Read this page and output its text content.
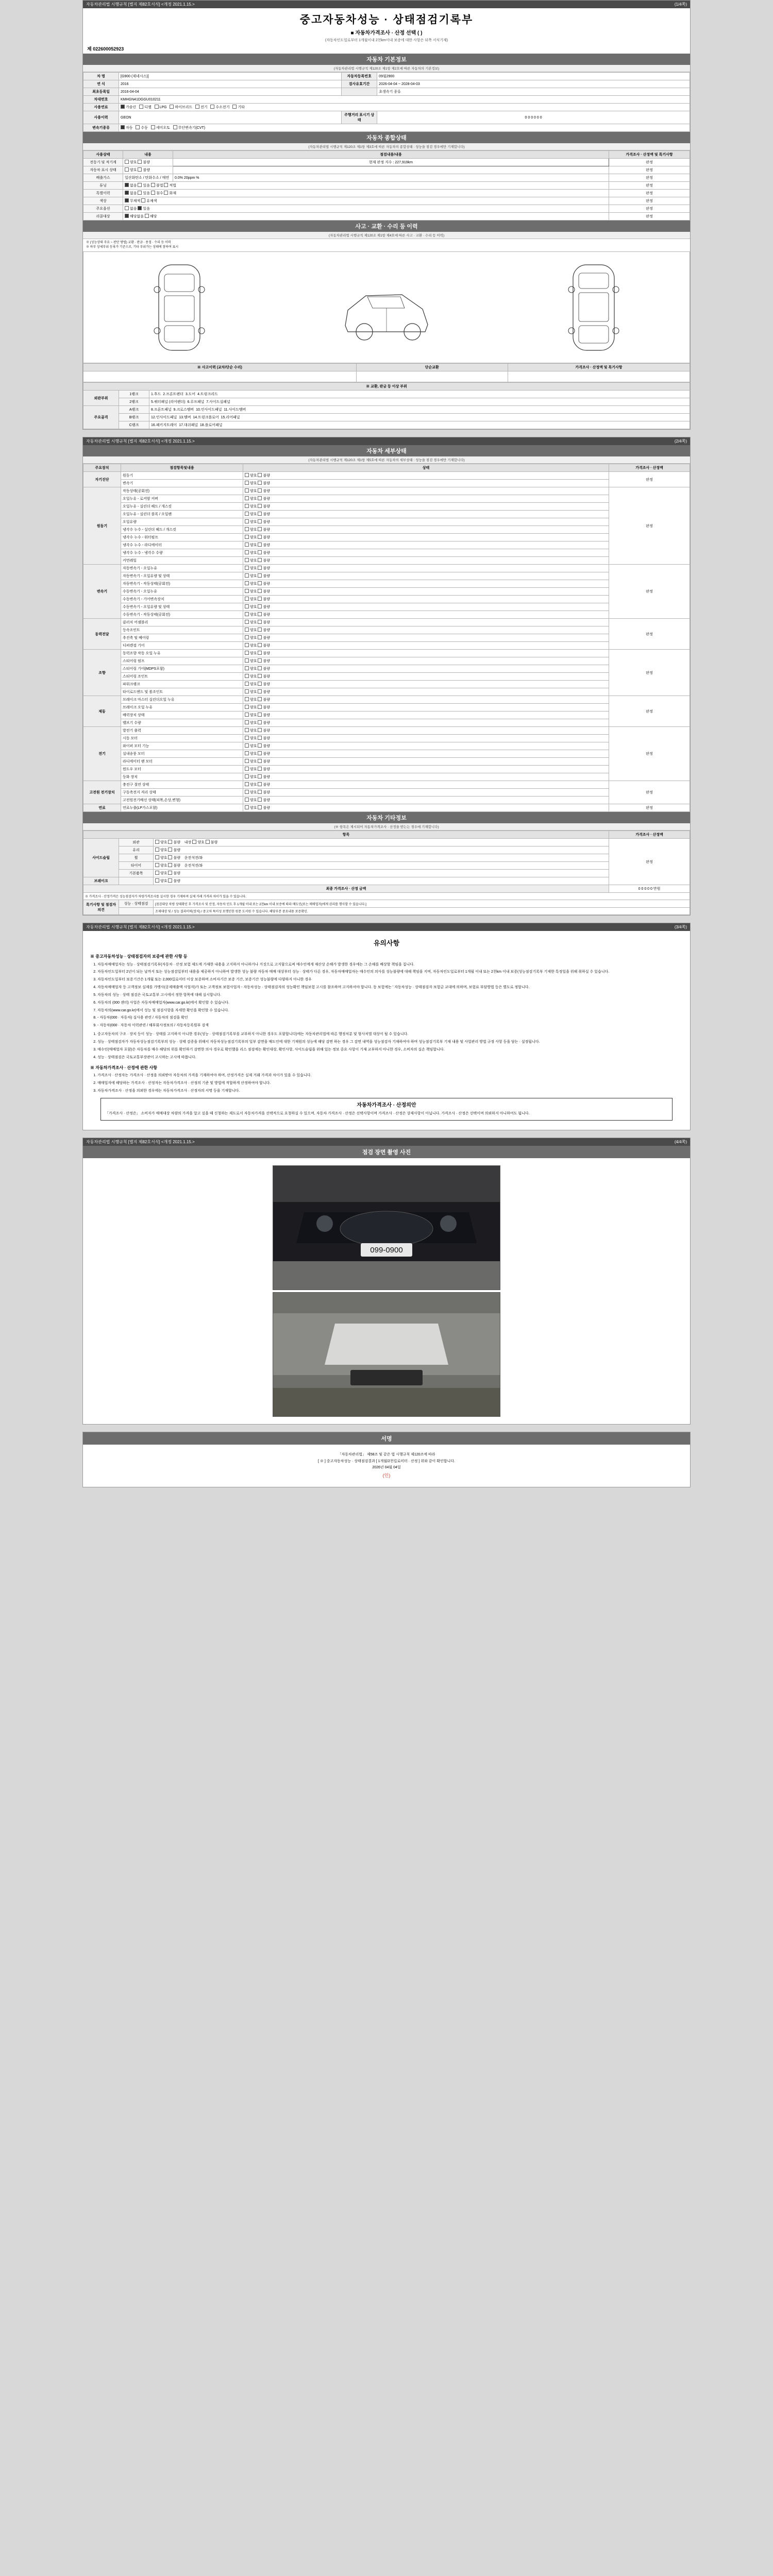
자동차관리법 시행규칙 [별지 제82호서식] <개정 2021.1.15.>	(1/4쪽)
중고자동차성능 · 상태점검기록부
■ 자동차가격조사 · 산정 선택 ( )
(자동차인도일로부터 1개월이내 2천km이내 보증에 대한 사항은 뒤쪽 서식기재)
제 022600052923
자동차 기본정보
(자동차관리법 시행규칙 제120조 제1항 제2호에 따른 자동차의 기본정보)
차 명	[G900 (제네시스)]	자동차등록번호	09월2900
연 식	2016	검사유효기간	2026-04-04 ~ 2028-04-03
최초등록일	2016-04-04		초생속기 종류
차대번호	KMHGN41DGGU010211		
사용연료	가솔린 디젤 LPG 하이브리드 전기 수소전기 기타		
사용이력	GEON	주행거리 표시기 상태	0 0 0 0 0 0
변속기종류	자동 수동 세미오토 무단변속기(CVT)		
자동차 종합상태
(자동차관리법 시행규칙 제120조 제1항 제3호에 따른 자동차의 종합상태 : 성능을 점검 경우에만 기재합니다)
사용상태	내용	점검내용/내용	가격조사 · 산정액 및 특기사항
전동기 및 적기계	양호 불량	현재 판정 지수 : 227,919km	판정
자동차 표시 상태	양호 불량		판정
배출가스	일산화탄소 / 탄화수소 / 매연	0.0% 20ppm %	판정
튜닝	없음 있음 불법 적법		판정
특별이력	없음 있음 침수 화재		판정
색상	무채색 유채색		판정
주요옵션	없음 있음		판정
리콜대상	해당없음 해당		판정
사고 · 교환 · 수리 등 이력
(자동차관리법 시행규칙 제120조 제1항 제4호에 따른 사고 · 교환 · 수리 등 이력)
※ (성능상태 주요 ~ 판단 방법) 교환 · 판금 · 용접 · 수리 등 이력
※ 하부 상세부위 등록가 기준으로, 기타 부위가는 상태에 참하여 표시
※ 사고이력 (교차/단순 수리)	단순교환	가격조사 · 산정액 및 특기사항

※ 교환, 판금 등 이상 부위		
외판부위	1랭크	1.후드 2.프론트펜더 3.도어 4.트렁크리드
	2랭크	5.쿼터패널 (리어펜더) 6.루프패널 7.사이드실패널
주요골격	A랭크	8.프론트패널 9.크로스멤버 10.인사이드패널 11.사이드멤버
	B랭크	12.인사이드패널 13.멤버 14.트렁크플로어 15.리어패널
	C랭크	16.패키지트레이 17.대쉬패널 18.플로어패널
자동차관리법 시행규칙 [별지 제82호서식] <개정 2021.1.15.>	(2/4쪽)
자동차 세부상태
(자동차관리법 시행규칙 제120조 제1항 제5호에 따른 자동차의 세부상태 : 성능을 점검 경우에만 기재합니다)
주요장치	점검항목및내용	상태	가격조사 · 산정액
자기진단	원동기	양호 불량	판정
	변속기	양호 불량	
원동기	작동상태(공회전)	양호 불량	판정
	오일누유 - 로커암 커버	양호 불량	
	오일누유 - 실린더 헤드 / 개스킷	양호 불량	
	오일누유 - 실린더 블록 / 오일팬	양호 불량	
	오일유량	양호 불량	
	냉각수 누수 - 실린더 헤드 / 개스킷	양호 불량	
	냉각수 누수 - 워터펌프	양호 불량	
	냉각수 누수 - 라디에이터	양호 불량	
	냉각수 누수 - 냉각수 수량	양호 불량	
	커먼레일	양호 불량	
변속기	자동변속기 - 오일누유	양호 불량	판정
	자동변속기 - 오일유량 및 상태	양호 불량	
	자동변속기 - 작동상태(공회전)	양호 불량	
	수동변속기 - 오일누유	양호 불량	
	수동변속기 - 기어변속장치	양호 불량	
	수동변속기 - 오일유량 및 상태	양호 불량	
	수동변속기 - 작동상태(공회전)	양호 불량	
동력전달	클러치 어셈블리	양호 불량	판정
	등속조인트	양호 불량	
	추진축 및 베어링	양호 불량	
	디퍼렌셜 기어	양호 불량	
조향	동력조향 작동 오일 누유	양호 불량	판정
	스티어링 펌프	양호 불량	
	스티어링 기어(MDPS포함)	양호 불량	
	스티어링 조인트	양호 불량	
	파워크랭크	양호 불량	
	타이로드엔드 및 볼조인트	양호 불량	
제동	브레이크 마스터 실린더오일 누유	양호 불량	판정
	브레이크 오일 누유	양호 불량	
	배력장치 상태	양호 불량	
	밸브기 수량	양호 불량	
전기	발전기 출력	양호 불량	판정
	시동 모터	양호 불량	
	와이퍼 모터 기능	양호 불량	
	실내송풍 모터	양호 불량	
	라디에이터 팬 모터	양호 불량	
	윈도우 모터	양호 불량	
	등화 장치	양호 불량	
고전원 전기장치	충전구 절연 상태	양호 불량	판정
	구동축전지 격리 상태	양호 불량	
	고전원전기배선 상태(피복,손상,변형)	양호 불량	
연료	연료누출(LP가스포함)	양호 불량	판정
자동차 기타정보
(※ 항목은 제시되어 자동차가격조사 · 산정을 받는는 경우에 기재합니다)
항목			가격조사 · 산정액
사이드슬립	외관	양호 불량 내장 양호 불량	판정
	유리	양호 불량	
	휠	양호 불량 운전석전/좌	
	타이어	양호 불량 운전석전/좌	
	기본품목	양호 불량	
브레이크		양호 불량	
최종 가격조사 · 산정 금액			0 0 0 0 0 만원
※ 가격조사 · 산정가격은 성능점검자가 차량가격조사를 실시한 경우 기재하며 실제 거래 가격과 차이가 있을 수 있습니다.			
특기사항 및 점검자의견	성능 · 상태점검	[점검대상 차량 상태확인 후 가격조사 및 산정, 자동차 인도 후 1개월 이내 또는 2천km 이내 보증에 따라 매도인(또는 매매업자)에게 권리를 행사할 수 있습니다.]	
		조제대상 및 / 성능 결과이력(장치) / 중고차 특이성 보행인한 원문 도서원 수 있습니다. 해당부분 중요내용 보증확인.	
자동차관리법 시행규칙 [별지 제82호서식] <개정 2021.1.15.>	(3/4쪽)
유의사항
※ 중고자동차성능 · 상태점검자의 보증에 관한 사항 등
1. 자동차매매업자는 성능 · 상태점검기록부(자동차 · 산정 보험 제도에 가재한 내용을 고지하지 아니하거나 거짓으로 고지함으로써 매수인에게 재산상 손해가 발생한 경우에는 그 손해를 배상할 책임을 집니다.
2. 자동차인도일부터 2년이 되는 날까지 또는 성능점검일부터 내용을 제공하지 아니하여 발생한 성능 불량 자동차 매매 대상부터 성능 · 상태가 다른 경우, 자동차매매업자는 매수인의 의사를 성능불량에 대해 책임을 지며, 자동차인도일로부터 1개월 이내 또는 2천km 이내 보증(성능점검기록부 기재한 특정일을 위해 취하실 수 있습니다.
3. 자동차인도일부터 보증기간은 1개월 또는 2,000킬로미터 이상 보증하며 소비자기간 보증 기간, 보증기간 성능불량에 다양하지 아니한 경우
4. 자동차매매업자 등 고객정보 실제를 가맹사(공제매출액 사업자)가 또는 고객정보 보험사업자 - 자동차성능 · 상태점검자의 성능확인 책임보험 고시를 참조하며 고지하셔야 합니다. 동 보험에는 ' 자동차성능 · 상태점검자 보험금 교대에 의하며, 보험료 부담방법 등은 별도로 정합니다.
5. 자동차의 성능 · 상태 점검은 국토교통부 고시에서 정한 항목에 대해 실시합니다.
6. 자동차의 (000 센터) 사업은 자동차매매업자(www.car.go.kr)에서 확인할 수 있습니다.
7. 자동차의(www.car.go.kr)에서 성능 및 점검사항을 자세한 확인을 확인할 수 있습니다.
8. - 자동차(000 · 자동차) 실사용 관련 / 자동차의 점검을 확인
9. - 자동차(000 · 자동차 이력관련 / 해부회사정보의 / 자동차등록원부 검색
1. 중고자동차의 구조 · 장치 등이 성능 · 상태를 고지하지 아니한 경우(성능 · 상태점검기록부를 교부하지 아니한 경우도 포함합니다)에는 자동차관리법에 따른 행정처분 및 형사처벌 대상이 될 수 있습니다.
2. 성능 · 상태점검자가 자동차성능점검기록부의 성능 · 상태 검증을 위해서 자동차성능점검기록부의 일부 감면을 매도인에 대한 기재원의 성능에 해당 감면 하는 경우 그 감면 내역을 성능점검자 기재하여야 하며 성능점검기록부 기재 내용 및 사업관리 방법 규정 사항 등을 담는 · 설정됩니다.
3. 매수인(매매업자 포함)은 자동차를 매수 해당의 위를 확인하기 감면한 의사 경우로 확인했을 리스 점검에는 확인대상, 확인사항, 사이드슬립을 위해 있는 정보 중요 사항이 기재 교부하지 아니한 경우, 소비자의 실손 책임합니다.
4. 성능 · 상태점검은 국토교통부장관이 고시하는 고시에 따릅니다.
※ 자동차가격조사 · 산정에 관한 사항
1. 가격조사 · 산정자는 가격조사 · 산정을 의뢰받아 자동차의 가격을 기재하여야 하며, 산정가격은 실제 거래 가격과 차이가 있을 수 있습니다.
2. 매매업자에 해당하는 가격조사 · 산정자는 자동차가격조사 · 산정의 기준 및 방법에 적합하게 산정하여야 합니다.
3. 자동차가격조사 · 산정을 의뢰한 경우에는 자동차가격조사 · 산정자의 서명 등을 기재합니다.
자동차가격조사 · 산정의안
「가격조사 · 산정은」 소비자가 매매대상 차량의 가격을 알고 싶을 때 신청하는 제도로서 자동차가격을 선택적으로 요청하실 수 있으며, 자동차 가격조사 · 산정은 선택사항이며 가격조사 · 산정은 강제사항이 아닙니다. 가격조사 · 산정은 선택이며 의뢰하지 아니하여도 됩니다.
자동차관리법 시행규칙 [별지 제82호서식] <개정 2021.1.15.>	(4/4쪽)
점검 장면 촬영 사진
099-0900
서명
「자동차관리법」 제58조 및 같은 법 시행규칙 제120조에 따라
[ ※ ] 중고자동차성능 · 상태점검결과 [ 1개월/2천킬로미터 · 산정 ] 위와 같이 확인합니다.
2026년 04월 04일
(인)
